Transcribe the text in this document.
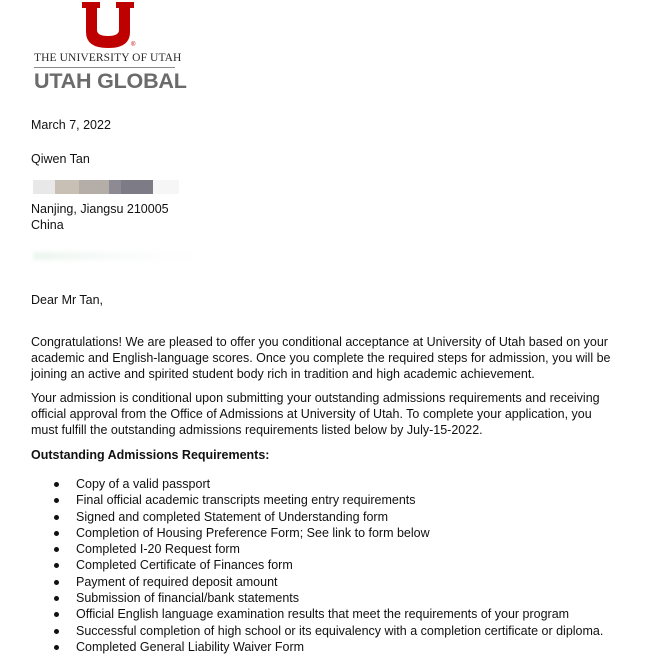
®
THE UNIVERSITY OF UTAH
UTAH GLOBAL
March 7, 2022
Qiwen Tan
Nanjing, Jiangsu 210005
China
Dear Mr Tan,

Congratulations! We are pleased to offer you conditional acceptance at University of Utah based on your

academic and English-language scores. Once you complete the required steps for admission, you will be

joining an active and spirited student body rich in tradition and high academic achievement.

Your admission is conditional upon submitting your outstanding admissions requirements and receiving

official approval from the Office of Admissions at University of Utah. To complete your application, you

must fulfill the outstanding admissions requirements listed below by July-15-2022.

Outstanding Admissions Requirements:
Copy of a valid passport
Final official academic transcripts meeting entry requirements
Signed and completed Statement of Understanding form
Completion of Housing Preference Form; See link to form below
Completed I-20 Request form
Completed Certificate of Finances form
Payment of required deposit amount
Submission of financial/bank statements
Official English language examination results that meet the requirements of your program
Successful completion of high school or its equivalency with a completion certificate or diploma.
Completed General Liability Waiver Form
